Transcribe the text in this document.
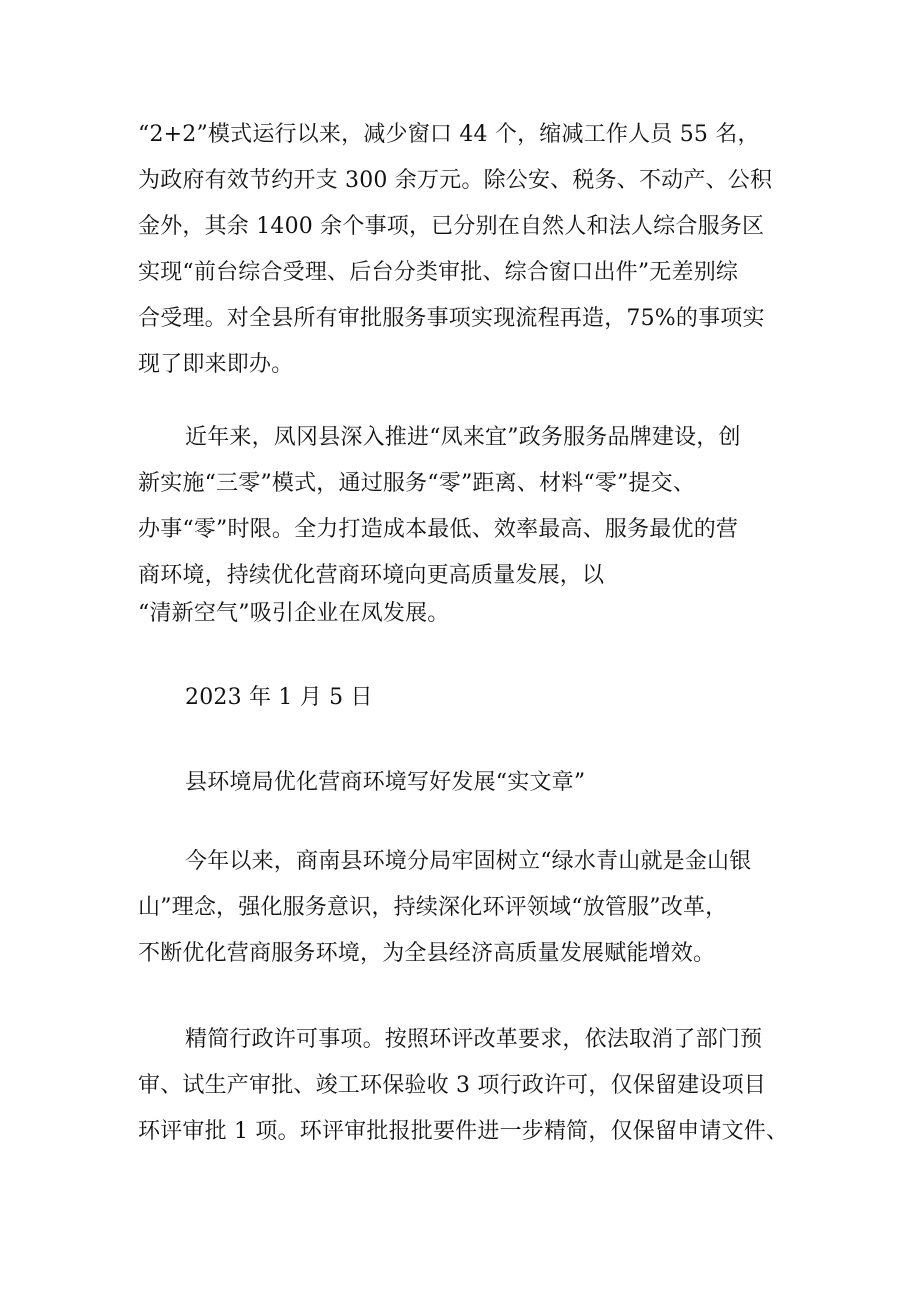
“2+2”模式运行以来，减少窗口 44 个，缩减工作人员 55 名，
为政府有效节约开支 300 余万元。除公安、税务、不动产、公积
金外，其余 1400 余个事项，已分别在自然人和法人综合服务区
实现“前台综合受理、后台分类审批、综合窗口出件”无差别综
合受理。对全县所有审批服务事项实现流程再造，75%的事项实
现了即来即办。
近年来，凤冈县深入推进“凤来宜”政务服务品牌建设，创
新实施“三零”模式，通过服务“零”距离、材料“零”提交、
办事“零”时限。全力打造成本最低、效率最高、服务最优的营
商环境，持续优化营商环境向更高质量发展，以
“清新空气”吸引企业在凤发展。
2023 年 1 月 5 日
县环境局优化营商环境写好发展“实文章”
今年以来，商南县环境分局牢固树立“绿水青山就是金山银
山”理念，强化服务意识，持续深化环评领域“放管服”改革，
不断优化营商服务环境，为全县经济高质量发展赋能增效。
精简行政许可事项。按照环评改革要求，依法取消了部门预
审、试生产审批、竣工环保验收 3 项行政许可，仅保留建设项目
环评审批 1 项。环评审批报批要件进一步精简，仅保留申请文件、
